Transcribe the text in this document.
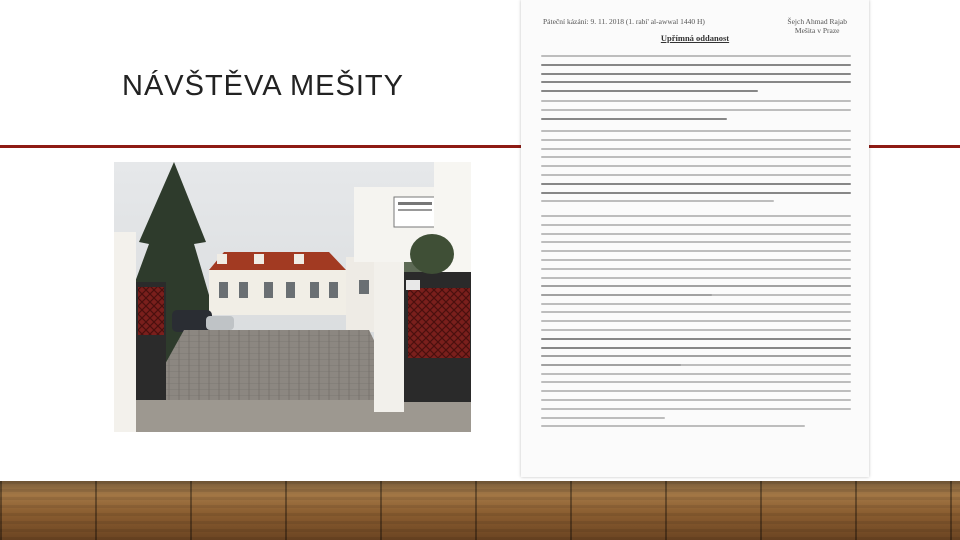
NÁVŠTĚVA MEŠITY
Páteční kázání: 9. 11. 2018 (1. rabí' al-awwal 1440 H)	Šejch Ahmad Rajab
Mešita v Praze
Upřímná oddanost
